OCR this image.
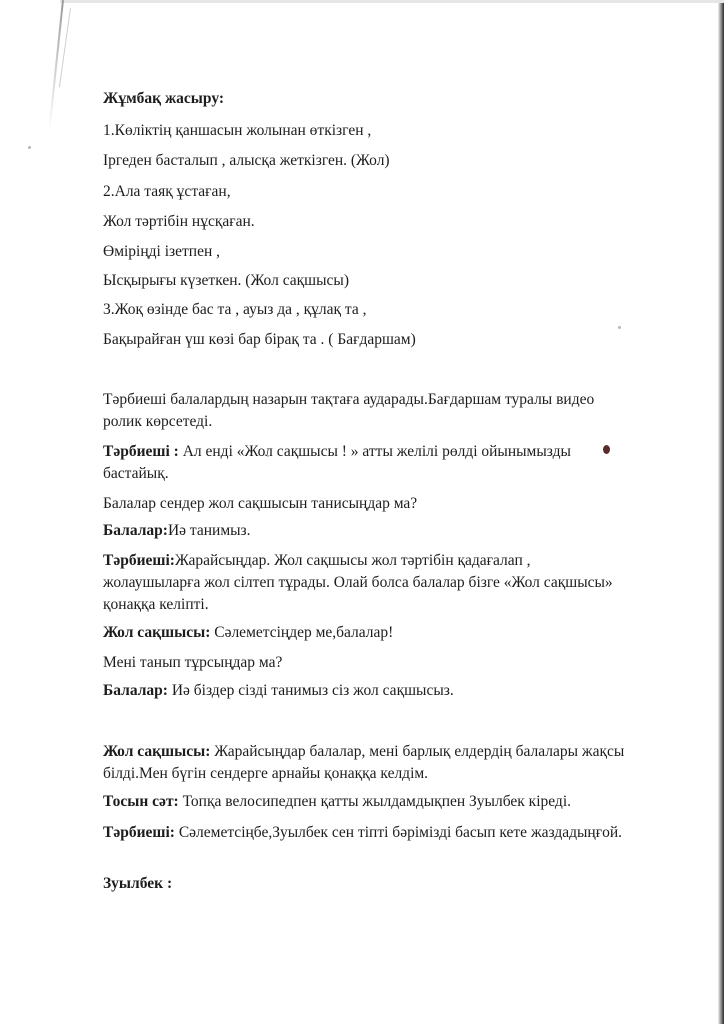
Жұмбақ жасыру:

1.Көліктің қаншасын жолынан өткізген ,

Іргеден басталып , алысқа жеткізген. (Жол)

2.Ала таяқ ұстаған,

Жол тәртібін нұсқаған.

Өміріңді ізетпен ,

Ысқырығы күзеткен. (Жол сақшысы)

3.Жоқ өзінде бас та , ауыз да , құлақ та ,

Бақырайған үш көзі бар бірақ та . ( Бағдаршам)

Тәрбиеші балалардың назарын тақтаға аударады.Бағдаршам туралы видео ролик көрсетеді.

Тәрбиеші : Ал енді «Жол сақшысы ! » атты желілі рөлді ойынымызды бастайық.

Балалар сендер жол сақшысын танисыңдар ма?

Балалар:Иә танимыз.

Тәрбиеші:Жарайсыңдар. Жол сақшысы жол тәртібін қадағалап , жолаушыларға жол сілтеп тұрады. Олай болса балалар бізге «Жол сақшысы» қонаққа келіпті.

Жол сақшысы: Сәлеметсіңдер ме,балалар!

Мені танып тұрсыңдар ма?

Балалар: Иә біздер сізді танимыз сіз жол сақшысыз.

Жол сақшысы: Жарайсыңдар балалар, мені барлық елдердің балалары жақсы білді.Мен бүгін сендерге арнайы қонаққа келдім.

Тосын сәт: Топқа велосипедпен қатты жылдамдықпен Зуылбек кіреді.

Тәрбиеші: Сәлеметсіңбе,Зуылбек сен тіпті бәрімізді басып кете жаздадыңғой.

Зуылбек :
